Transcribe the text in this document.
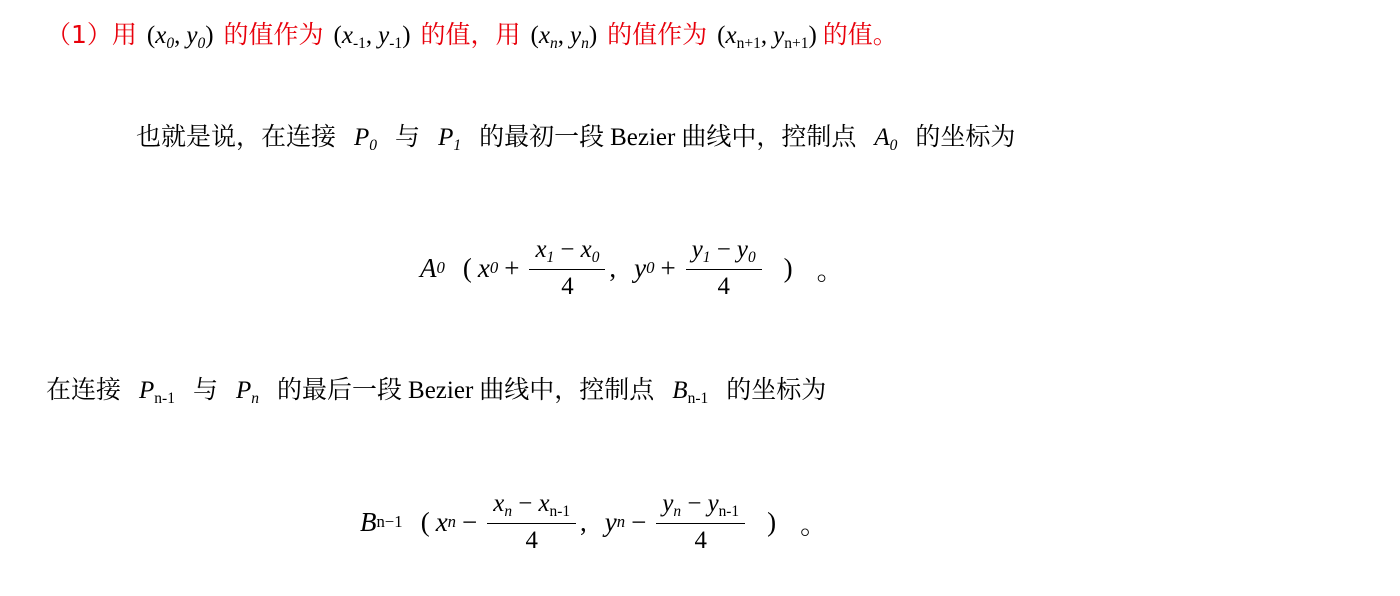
（1）用 ($x_0$, $y_0$) 的值作为 (x-1, y-1) 的值，用 ($x_n$, $y_n$) 的值作为 (xn+1, yn+1) 的值。
也就是说，在连接 $P_0$ 与 $P_1$ 的最初一段 Bezier 曲线中，控制点 $A_0$ 的坐标为
A 0 ( x $0 + \frac{x_1 - x_0}{4}$ , y $0 + \frac{y_1 - y_0}{4}$ ) 。
在连接 Pn-1 与 $P_n$ 的最后一段 Bezier 曲线中，控制点 Bn-1 的坐标为
B n−1 ( x $n - \frac{x_n - xn-1}{4}$ , y $n - \frac{y_n - yn-1}{4}$ ) 。
